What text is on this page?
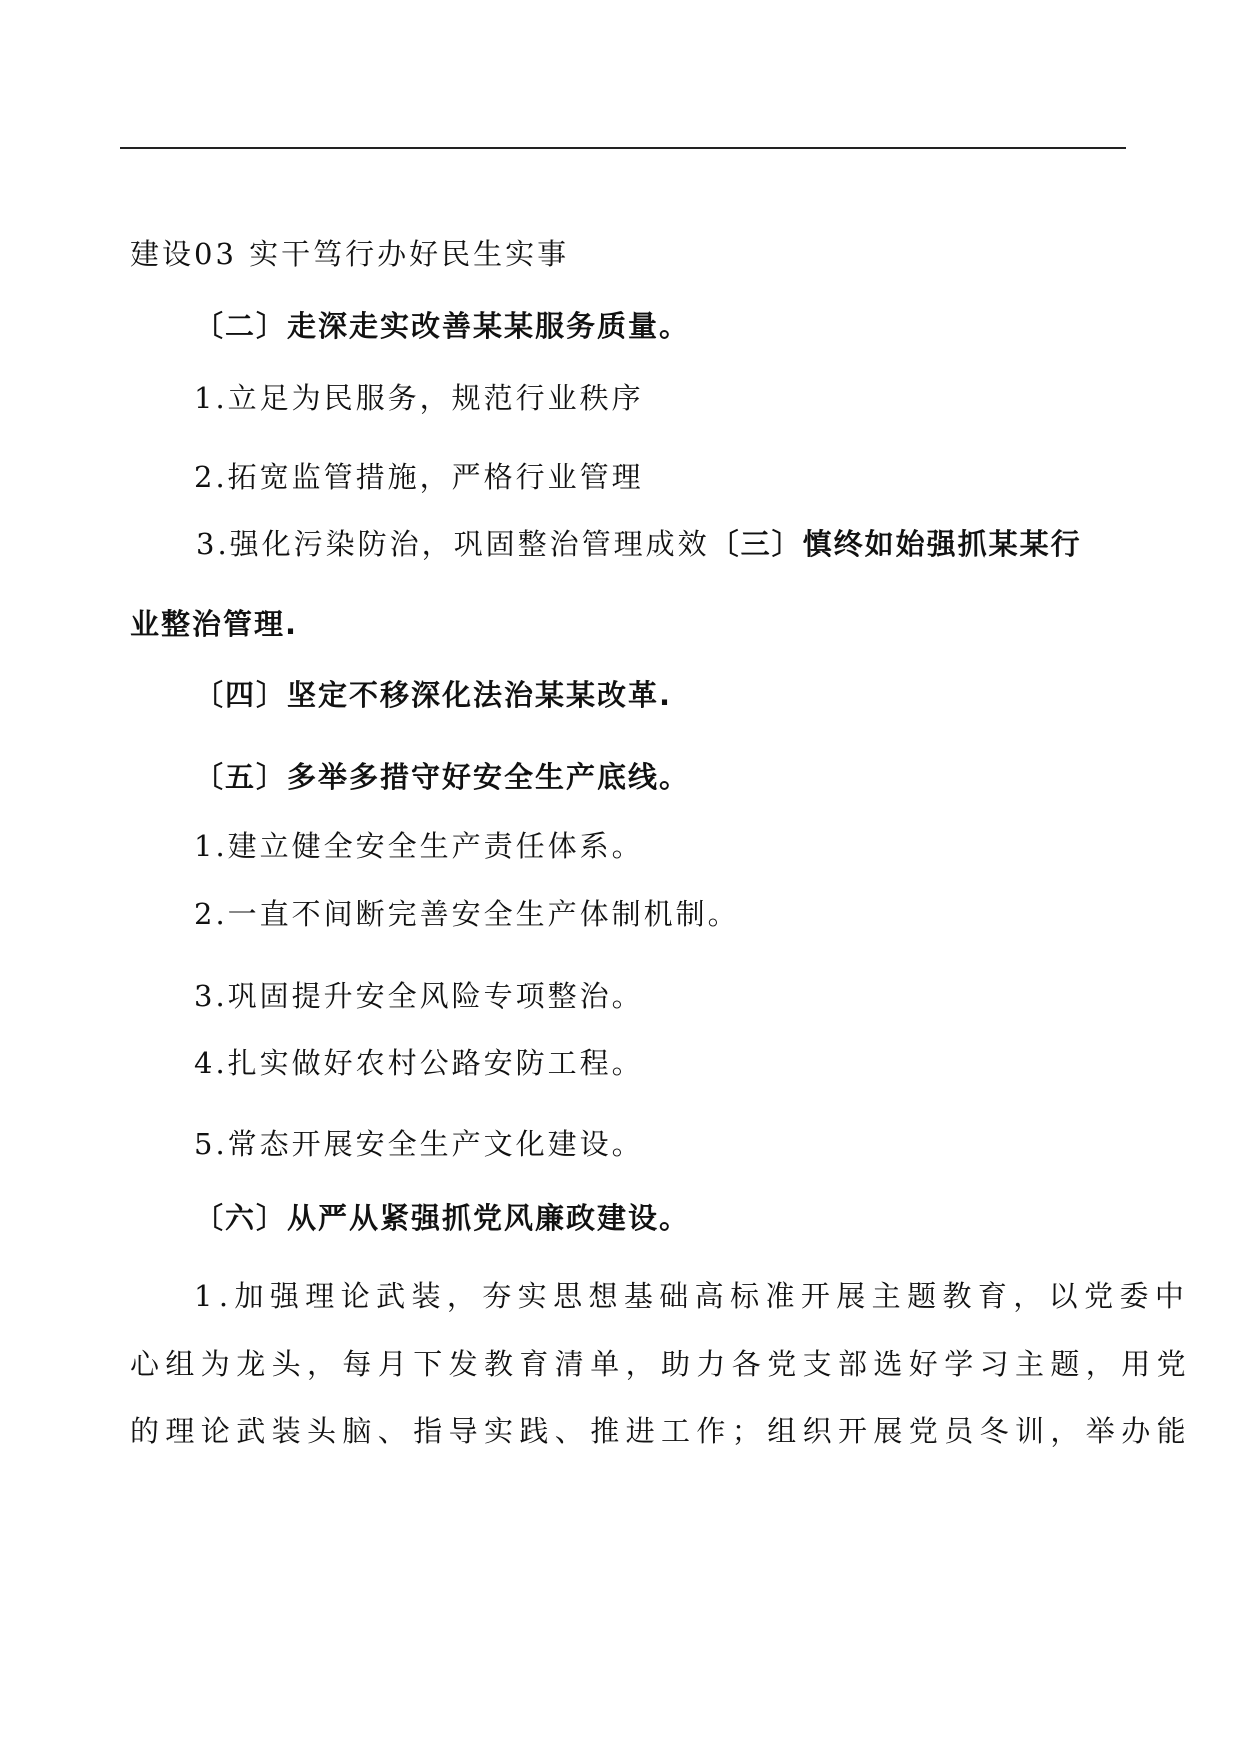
建设03 实干笃行办好民生实事
〔二〕走深走实改善某某服务质量。
1.立足为民服务，规范行业秩序
2.拓宽监管措施，严格行业管理
3.强化污染防治，巩固整治管理成效〔三〕慎终如始强抓某某行
业整治管理.
〔四〕坚定不移深化法治某某改革.
〔五〕多举多措守好安全生产底线。
1.建立健全安全生产责任体系。
2.一直不间断完善安全生产体制机制。
3.巩固提升安全风险专项整治。
4.扎实做好农村公路安防工程。
5.常态开展安全生产文化建设。
〔六〕从严从紧强抓党风廉政建设。
1.加强理论武装，夯实思想基础高标准开展主题教育，以党委中
心组为龙头，每月下发教育清单，助力各党支部选好学习主题，用党
的理论武装头脑、指导实践、推进工作；组织开展党员冬训，举办能
